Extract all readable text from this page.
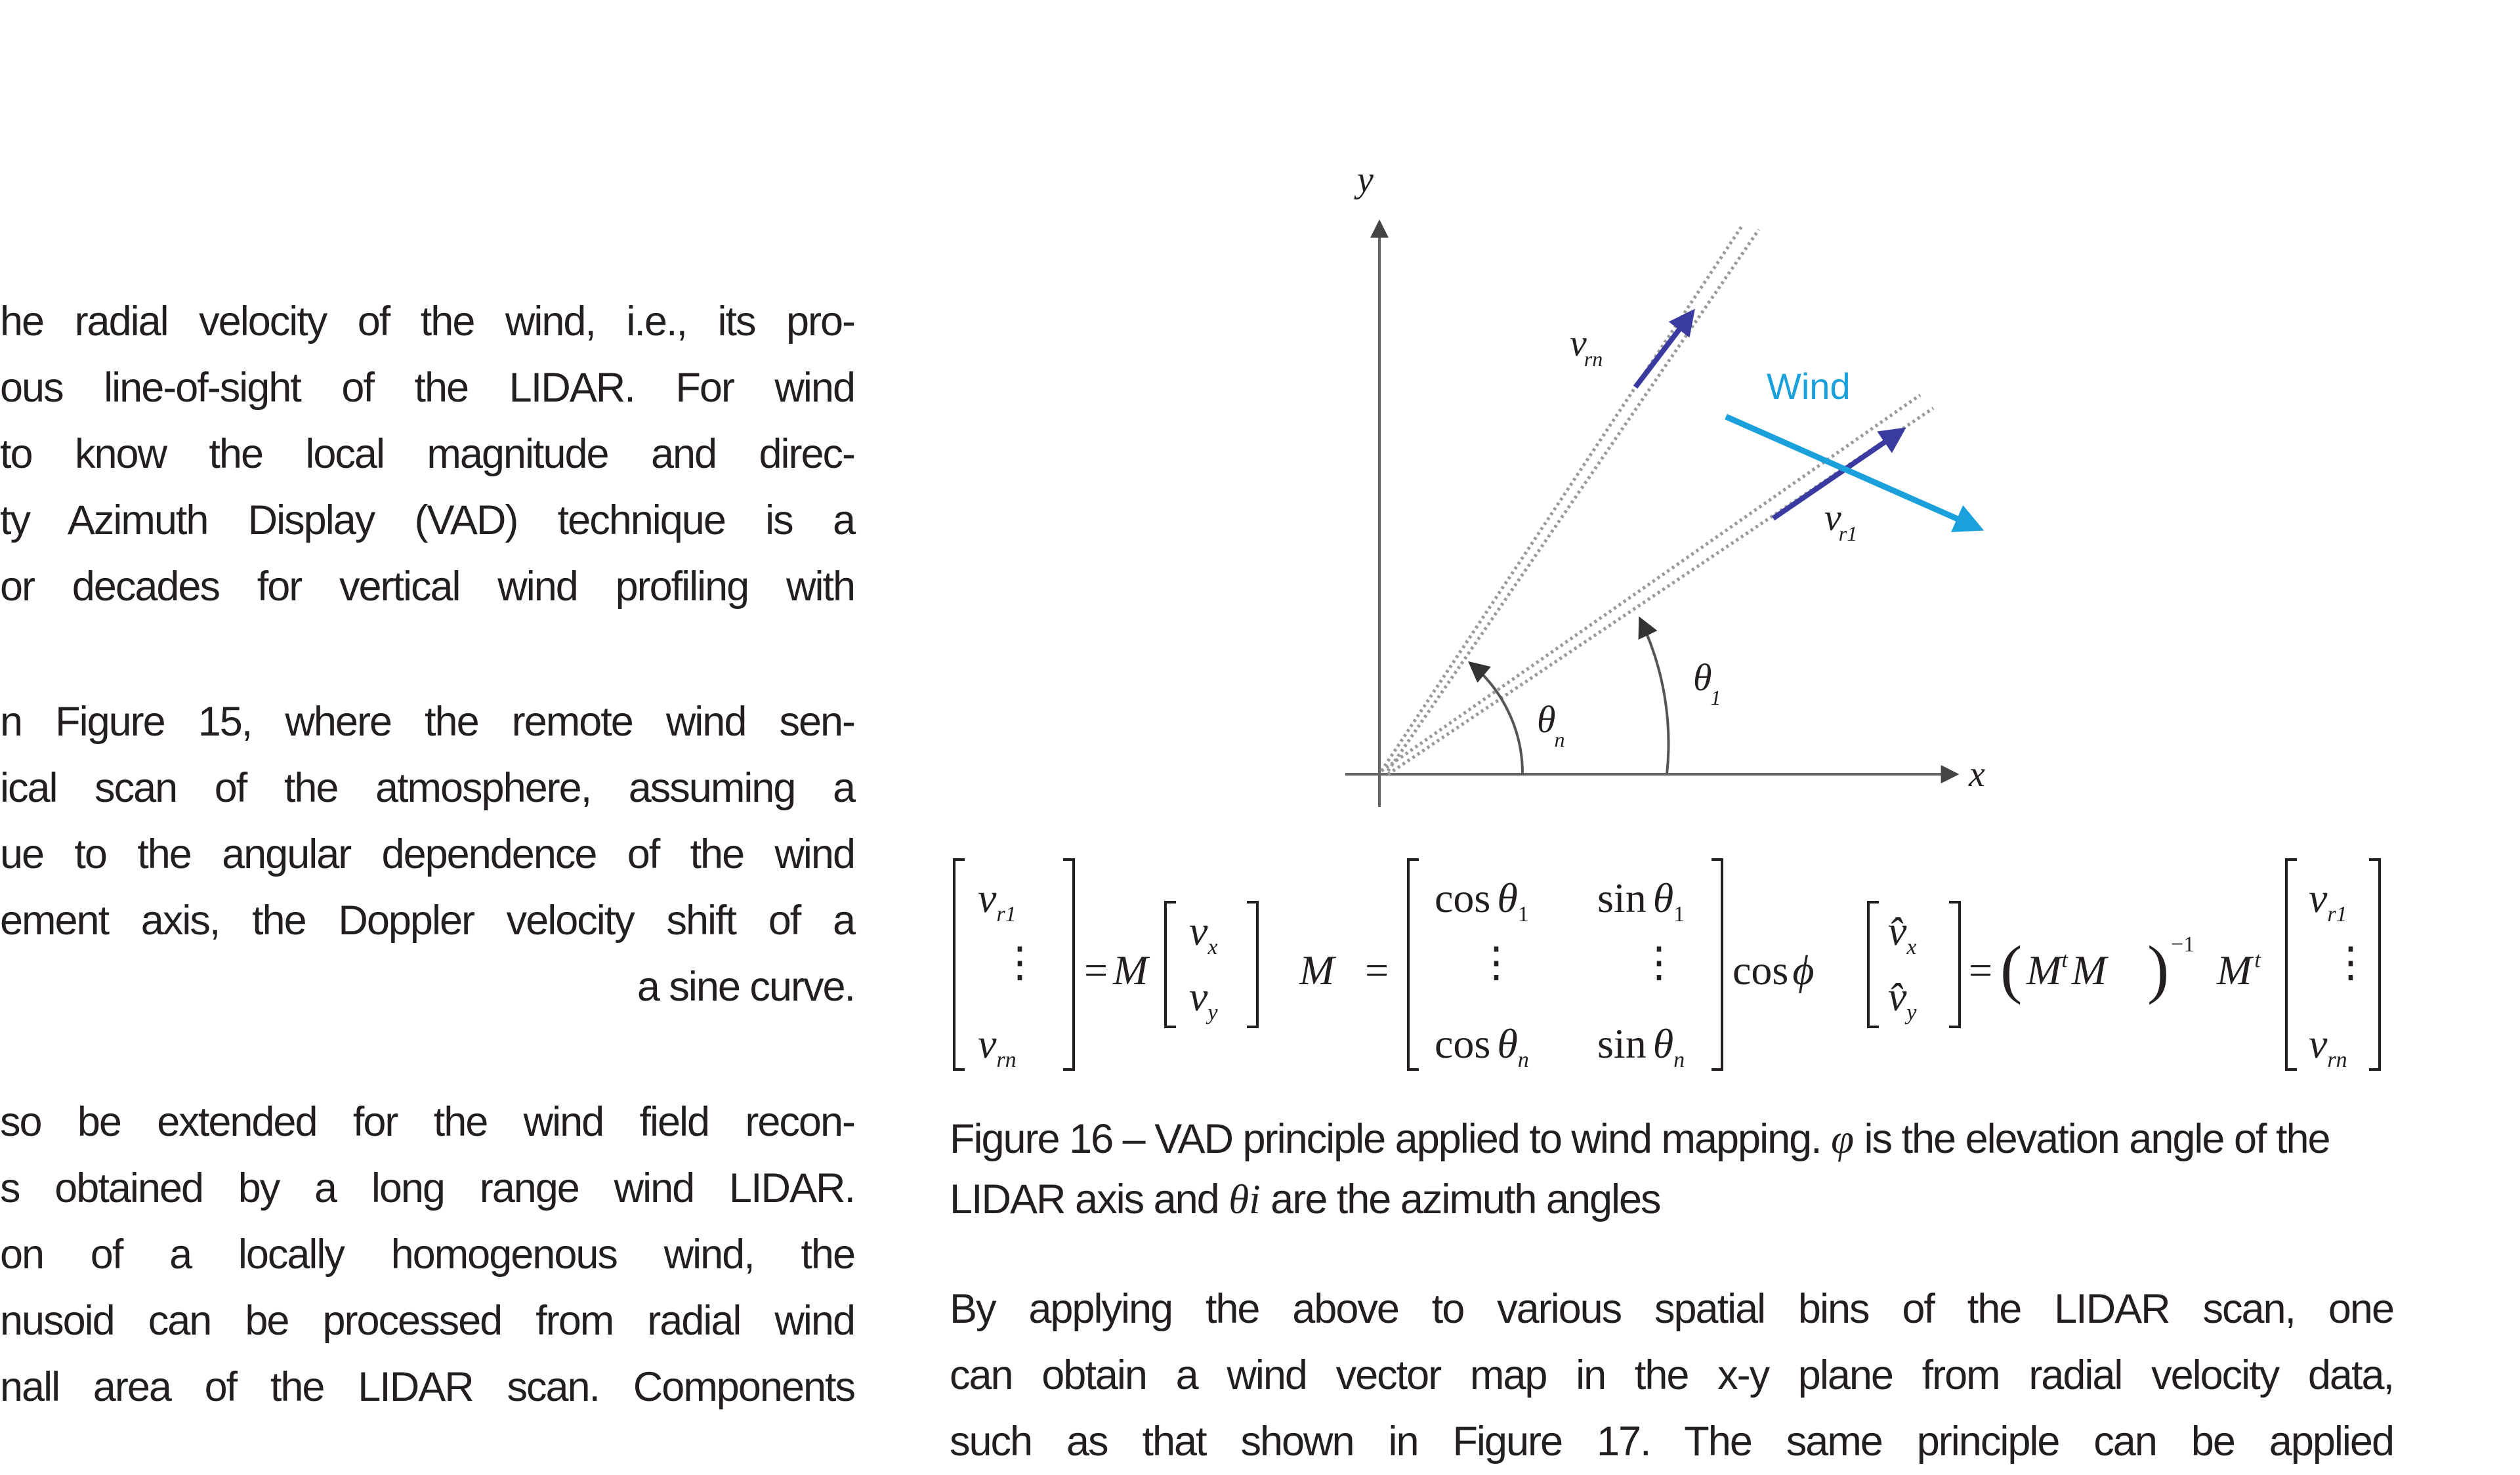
he radial velocity of the wind, i.e., its pro-

ous line-of-sight of the LIDAR. For wind

to know the local magnitude and direc-

ty Azimuth Display (VAD) technique is a

or decades for vertical wind profiling with

n Figure 15, where the remote wind sen-

ical scan of the atmosphere, assuming a

ue to the angular dependence of the wind

ement axis, the Doppler velocity shift of a

a sine curve.

so be extended for the wind field recon-

s obtained by a long range wind LIDAR.

on of a locally homogenous wind, the

nusoid can be processed from radial wind

nall area of the LIDAR scan. Components

y
x
Wind
vrn
vr1
θn
θ1
$v_{r1}$
⋮
$v_{rn}$
= M
$v_x$
$v_y$
M =
$\cos \theta_1$ $\sin \theta_1$
⋮	⋮
$\cos \theta_n$ $\sin \theta_n$
cosϕ
$v̂_x$
$v̂_y$
= ( $M^tM$ ) −1
M $^t$
$v_{r1}$
⋮
$v_{rn}$
Figure 16 – VAD principle applied to wind mapping. φ is the elevation angle of the LIDAR axis and θi are the azimuth angles
By applying the above to various spatial bins of the LIDAR scan, one
can obtain a wind vector map in the x-y plane from radial velocity data,
such as that shown in Figure 17. The same principle can be applied
